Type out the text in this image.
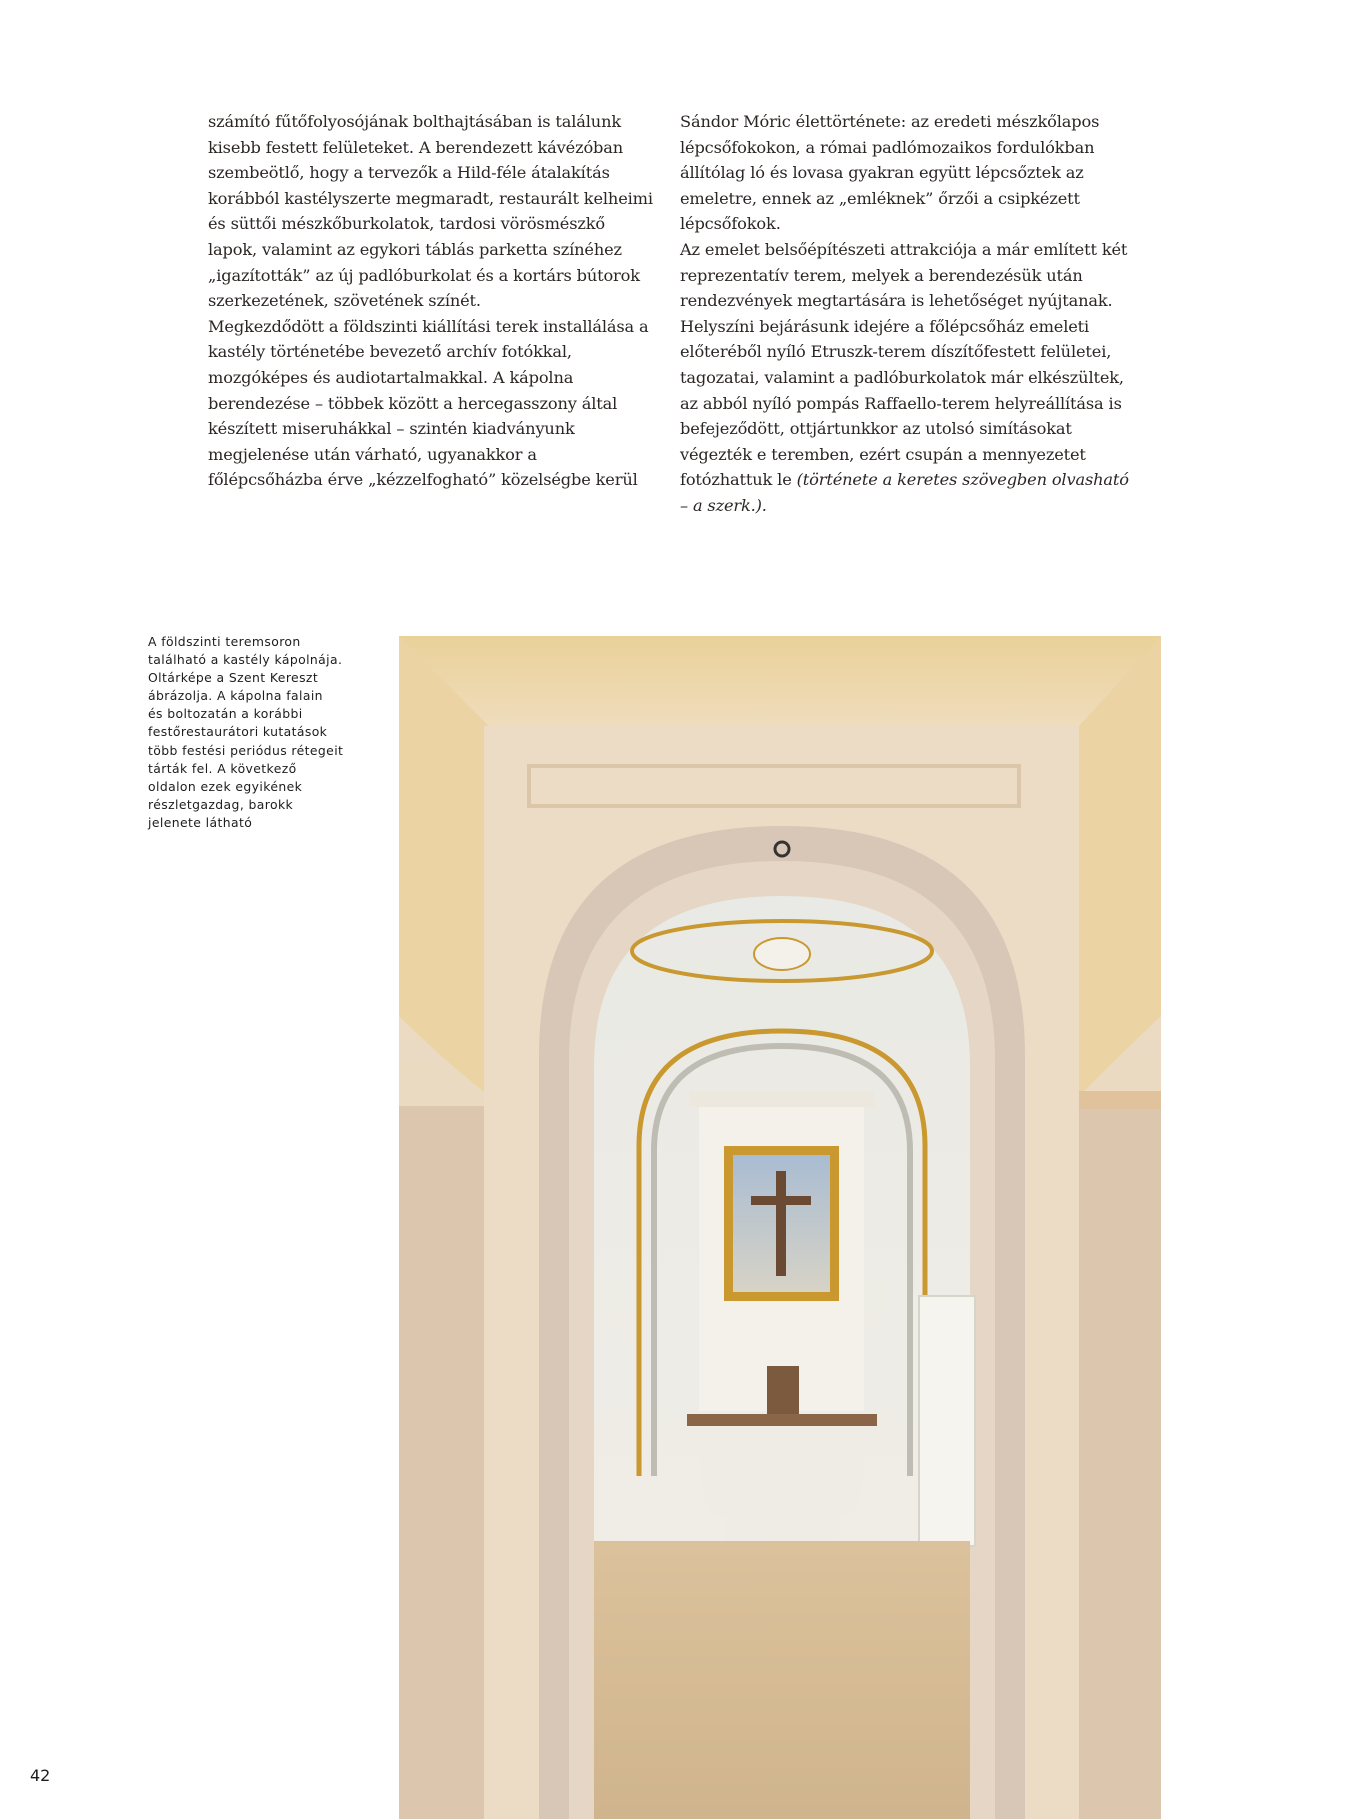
számító fűtőfolyosójának bolthajtásában is találunk kisebb festett felületeket. A berendezett kávézóban szembeötlő, hogy a tervezők a Hild-féle átalakítás korábból kastélyszerte megmaradt, restaurált kelheimi és süttői mészkőburkolatok, tardosi vörösmészkő lapok, valamint az egykori táblás parketta színéhez „igazították” az új padlóburkolat és a kortárs bútorok szerkezetének, szövetének színét.

Megkezdődött a földszinti kiállítási terek installálása a kastély történetébe bevezető archív fotókkal, mozgóképes és audiotartalmakkal. A kápolna berendezése – többek között a hercegasszony által készített miseruhákkal – szintén kiadványunk megjelenése után várható, ugyanakkor a főlépcsőházba érve „kézzelfogható” közelségbe kerül

Sándor Móric élettörténete: az eredeti mészkőlapos lépcsőfokokon, a római padlómozaikos fordulókban állítólag ló és lovasa gyakran együtt lépcsőztek az emeletre, ennek az „emléknek” őrzői a csipkézett lépcsőfokok.

Az emelet belsőépítészeti attrakciója a már említett két reprezentatív terem, melyek a berendezésük után rendezvények megtartására is lehetőséget nyújtanak.

Helyszíni bejárásunk idejére a főlépcsőház emeleti előteréből nyíló Etruszk-terem díszítőfestett felületei, tagozatai, valamint a padlóburkolatok már elkészültek, az abból nyíló pompás Raffaello-terem helyreállítása is befejeződött, ottjártunkkor az utolsó simításokat végezték e teremben, ezért csupán a mennyezetet fotózhattuk le (története a keretes szövegben olvasható – a szerk.).

A földszinti teremsoron
található a kastély kápolnája.
Oltárképe a Szent Kereszt
ábrázolja. A kápolna falain
és boltozatán a korábbi
festőrestaurátori kutatások
több festési periódus rétegeit
tárták fel. A következő
oldalon ezek egyikének
részletgazdag, barokk
jelenete látható
42
